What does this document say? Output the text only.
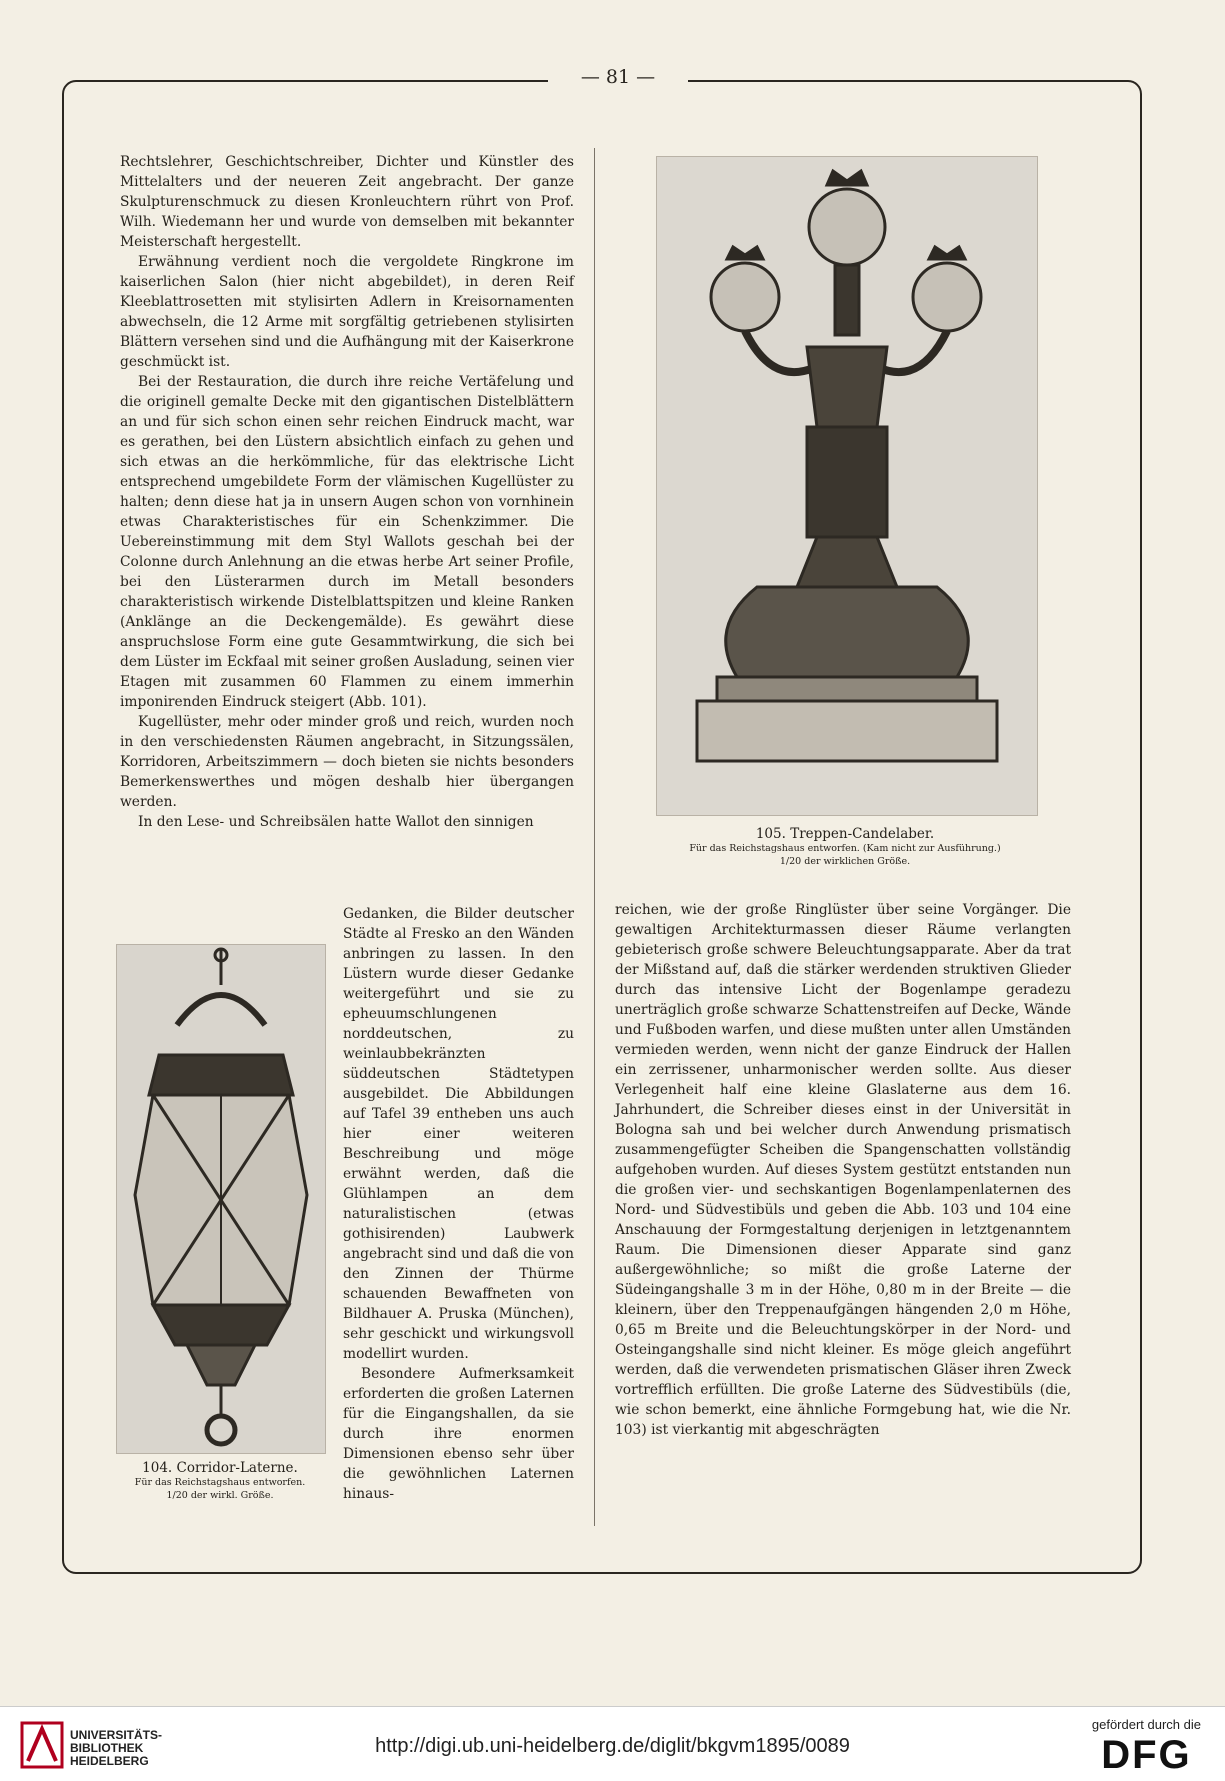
— 81 —

Rechtslehrer, Geschichtschreiber, Dichter und Künstler des Mittelalters und der neueren Zeit angebracht. Der ganze Skulpturenschmuck zu diesen Kronleuchtern rührt von Prof. Wilh. Wiedemann her und wurde von demselben mit bekannter Meisterschaft hergestellt.

Erwähnung verdient noch die vergoldete Ringkrone im kaiserlichen Salon (hier nicht abgebildet), in deren Reif Kleeblattrosetten mit stylisirten Adlern in Kreisornamenten abwechseln, die 12 Arme mit sorgfältig getriebenen stylisirten Blättern versehen sind und die Aufhängung mit der Kaiserkrone geschmückt ist.

Bei der Restauration, die durch ihre reiche Vertäfelung und die originell gemalte Decke mit den gigantischen Distelblättern an und für sich schon einen sehr reichen Eindruck macht, war es gerathen, bei den Lüstern absichtlich einfach zu gehen und sich etwas an die herkömmliche, für das elektrische Licht entsprechend umgebildete Form der vlämischen Kugellüster zu halten; denn diese hat ja in unsern Augen schon von vornhinein etwas Charakteristisches für ein Schenkzimmer. Die Uebereinstimmung mit dem Styl Wallots geschah bei der Colonne durch Anlehnung an die etwas herbe Art seiner Profile, bei den Lüsterarmen durch im Metall besonders charakteristisch wirkende Distelblattspitzen und kleine Ranken (Anklänge an die Deckengemälde). Es gewährt diese anspruchslose Form eine gute Gesammtwirkung, die sich bei dem Lüster im Eckfaal mit seiner großen Ausladung, seinen vier Etagen mit zusammen 60 Flammen zu einem immerhin imponirenden Eindruck steigert (Abb. 101).

Kugellüster, mehr oder minder groß und reich, wurden noch in den verschiedensten Räumen angebracht, in Sitzungssälen, Korridoren, Arbeitszimmern — doch bieten sie nichts besonders Bemerkenswerthes und mögen deshalb hier übergangen werden.

In den Lese- und Schreibsälen hatte Wallot den sinnigen

104. Corridor-Laterne.
Für das Reichstagshaus entworfen.
1/20 der wirkl. Größe.

Gedanken, die Bilder deutscher Städte al Fresko an den Wänden anbringen zu lassen. In den Lüstern wurde dieser Gedanke weitergeführt und sie zu epheuumschlungenen norddeutschen, zu weinlaubbekränzten süddeutschen Städtetypen ausgebildet. Die Abbildungen auf Tafel 39 entheben uns auch hier einer weiteren Beschreibung und möge erwähnt werden, daß die Glühlampen an dem naturalistischen (etwas gothisirenden) Laubwerk angebracht sind und daß die von den Zinnen der Thürme schauenden Bewaffneten von Bildhauer A. Pruska (München), sehr geschickt und wirkungsvoll modellirt wurden.

Besondere Aufmerksamkeit erforderten die großen Laternen für die Eingangshallen, da sie durch ihre enormen Dimensionen ebenso sehr über die gewöhnlichen Laternen hinaus-

105. Treppen-Candelaber.
Für das Reichstagshaus entworfen. (Kam nicht zur Ausführung.)
1/20 der wirklichen Größe.

reichen, wie der große Ringlüster über seine Vorgänger. Die gewaltigen Architekturmassen dieser Räume verlangten gebieterisch große schwere Beleuchtungsapparate. Aber da trat der Mißstand auf, daß die stärker werdenden struktiven Glieder durch das intensive Licht der Bogenlampe geradezu unerträglich große schwarze Schattenstreifen auf Decke, Wände und Fußboden warfen, und diese mußten unter allen Umständen vermieden werden, wenn nicht der ganze Eindruck der Hallen ein zerrissener, unharmonischer werden sollte. Aus dieser Verlegenheit half eine kleine Glaslaterne aus dem 16. Jahrhundert, die Schreiber dieses einst in der Universität in Bologna sah und bei welcher durch Anwendung prismatisch zusammengefügter Scheiben die Spangenschatten vollständig aufgehoben wurden. Auf dieses System gestützt entstanden nun die großen vier- und sechskantigen Bogenlampenlaternen des Nord- und Südvestibüls und geben die Abb. 103 und 104 eine Anschauung der Formgestaltung derjenigen in letztgenanntem Raum. Die Dimensionen dieser Apparate sind ganz außergewöhnliche; so mißt die große Laterne der Südeingangshalle 3 m in der Höhe, 0,80 m in der Breite — die kleinern, über den Treppenaufgängen hängenden 2,0 m Höhe, 0,65 m Breite und die Beleuchtungskörper in der Nord- und Osteingangshalle sind nicht kleiner. Es möge gleich angeführt werden, daß die verwendeten prismatischen Gläser ihren Zweck vortrefflich erfüllten. Die große Laterne des Südvestibüls (die, wie schon bemerkt, eine ähnliche Formgebung hat, wie die Nr. 103) ist vierkantig mit abgeschrägten

UNIVERSITÄTS-
BIBLIOTHEK
HEIDELBERG
http://digi.ub.uni-heidelberg.de/diglit/bkgvm1895/0089
gefördert durch die
DFG
